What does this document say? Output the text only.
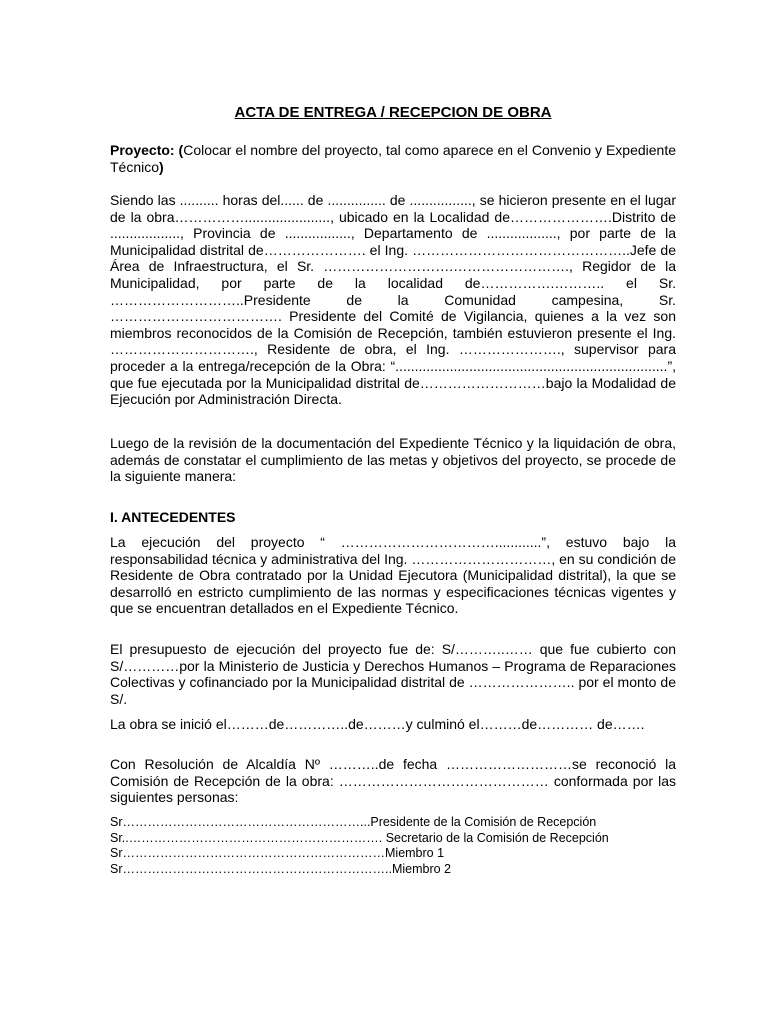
ACTA DE ENTREGA / RECEPCION DE OBRA

Proyecto: (Colocar el nombre del proyecto, tal como aparece en el Convenio y Expediente Técnico)

Siendo las .......... horas del...... de ............... de ................, se hicieron presente en el lugar de la obra……………......................, ubicado en la Localidad de………………….Distrito de .................., Provincia de ................., Departamento de .................., por parte de la Municipalidad distrital de…………………. el Ing. ………………………………………..Jefe de Área de Infraestructura, el Sr. ……………………….……………………., Regidor de la Municipalidad, por parte de la localidad de…………….……….. el Sr. ………………………..Presidente de la Comunidad campesina, Sr. ………………………………. Presidente del Comité de Vigilancia, quienes a la vez son miembros reconocidos de la Comisión de Recepción, también estuvieron presente el Ing. …………………………., Residente de obra, el Ing. …………………., supervisor para proceder a la entrega/recepción de la Obra: “......................................................................”, que fue ejecutada por la Municipalidad distrital de………………………bajo la Modalidad de Ejecución por Administración Directa.

Luego de la revisión de la documentación del Expediente Técnico y la liquidación de obra, además de constatar el cumplimiento de las metas y objetivos del proyecto, se procede de la siguiente manera:

I. ANTECEDENTES

La ejecución del proyecto “ ……………………………............”, estuvo bajo la responsabilidad técnica y administrativa del Ing. …………………………, en su condición de Residente de Obra contratado por la Unidad Ejecutora (Municipalidad distrital), la que se desarrolló en estricto cumplimiento de las normas y especificaciones técnicas vigentes y que se encuentran detallados en el Expediente Técnico.

El presupuesto de ejecución del proyecto fue de: S/………..…… que fue cubierto con S/…………por la Ministerio de Justicia y Derechos Humanos – Programa de Reparaciones Colectivas y cofinanciado por la Municipalidad distrital de ………………….. por el monto de S/.

La obra se inició el………de…………..de………y culminó el………de………… de…….

Con Resolución de Alcaldía Nº ………..de fecha ………………………se reconoció la Comisión de Recepción de la obra: ……………………………………… conformada por las siguientes personas:

Sr…………………………………………………...Presidente de la Comisión de Recepción

Sr..……………………………………………………. Secretario de la Comisión de Recepción

Sr………………………………………………………Miembro 1

Sr………………………………………………………..Miembro 2
